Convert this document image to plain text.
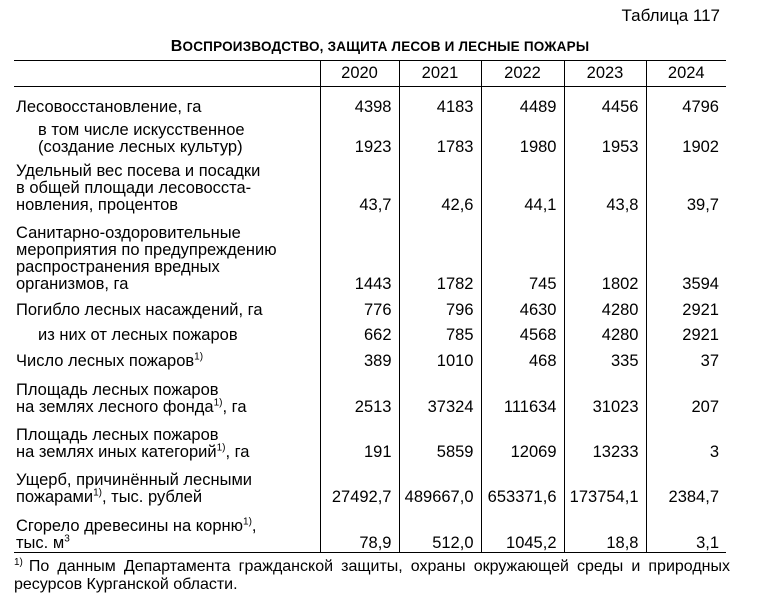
Таблица 117
ВОСПРОИЗВОДСТВО, ЗАЩИТА ЛЕСОВ И ЛЕСНЫЕ ПОЖАРЫ
	2020	2021	2022	2023	2024
Лесовосстановление, га	4398	4183	4489	4456	4796
в том числе искусственное
(создание лесных культур)	1923	1783	1980	1953	1902
Удельный вес посева и посадки
в общей площади лесовосста-
новления, процентов	43,7	42,6	44,1	43,8	39,7
Санитарно-оздоровительные
мероприятия по предупреждению
распространения вредных
организмов, га	1443	1782	745	1802	3594
Погибло лесных насаждений, га	776	796	4630	4280	2921
из них от лесных пожаров	662	785	4568	4280	2921
Число лесных пожаров$^{1)}$	389	1010	468	335	37
Площадь лесных пожаров
на землях лесного фонда$^{1)}$, га	2513	37324	111634	31023	207
Площадь лесных пожаров
на землях иных категорий$^{1)}$, га	191	5859	12069	13233	3
Ущерб, причинённый лесными
пожарами$^{1)}$, тыс. рублей	27492,7	489667,0	653371,6	173754,1	2384,7
Сгорело древесины на корню$^{1)}$,
тыс. $м^3$	78,9	512,0	1045,2	18,8	3,1
$^{1)}$ По данным Департамента гражданской защиты, охраны окружающей среды и природных ресурсов Курганской области.
